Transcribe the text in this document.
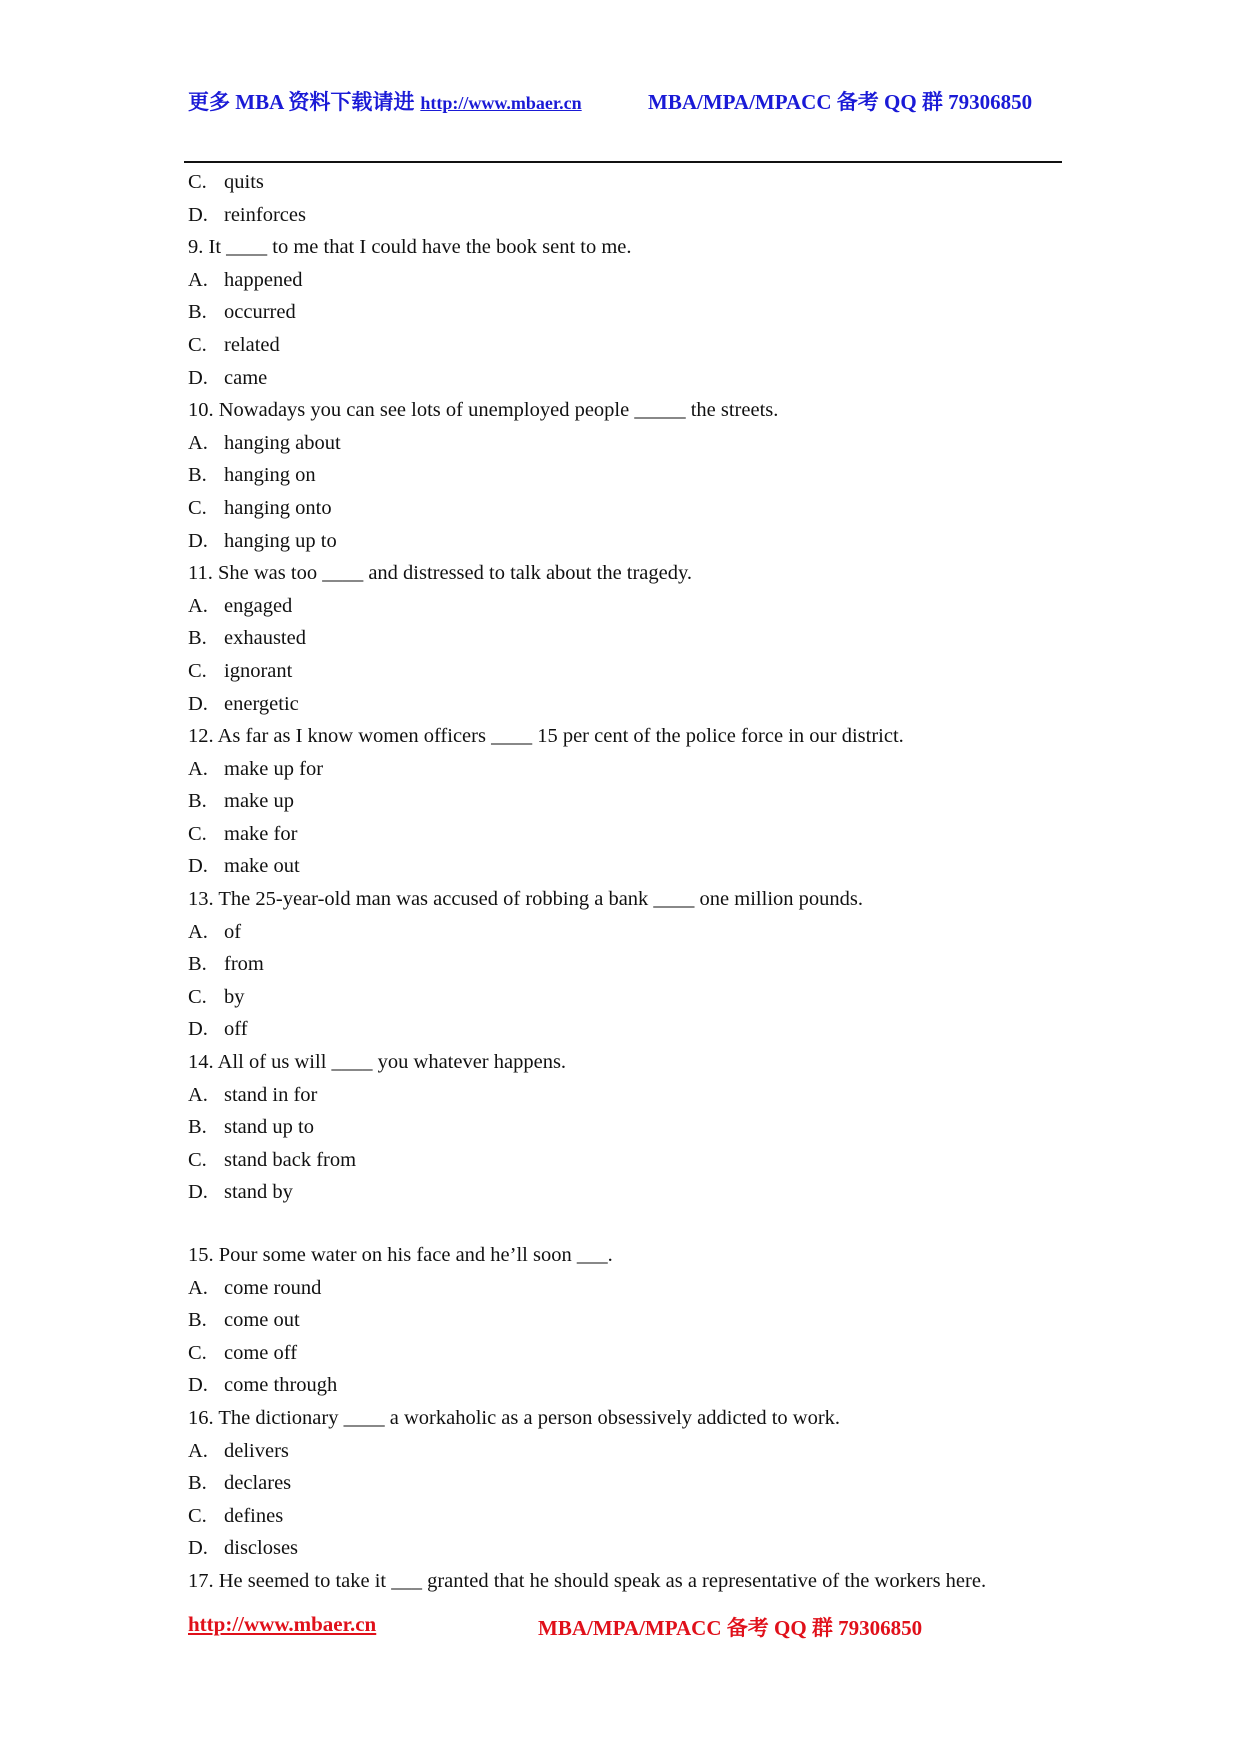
更多 MBA 资料下载请进 http://www.mbaer.cn	MBA/MPA/MPACC 备考 QQ 群 79306850
C. quits
D. reinforces
9. It ____ to me that I could have the book sent to me.
A. happened
B. occurred
C. related
D. came
10. Nowadays you can see lots of unemployed people _____ the streets.
A. hanging about
B. hanging on
C. hanging onto
D. hanging up to
11. She was too ____ and distressed to talk about the tragedy.
A. engaged
B. exhausted
C. ignorant
D. energetic
12. As far as I know women officers ____ 15 per cent of the police force in our district.
A. make up for
B. make up
C. make for
D. make out
13. The 25-year-old man was accused of robbing a bank ____ one million pounds.
A. of
B. from
C. by
D. off
14. All of us will ____ you whatever happens.
A. stand in for
B. stand up to
C. stand back from
D. stand by
15. Pour some water on his face and he’ll soon ___.
A. come round
B. come out
C. come off
D. come through
16. The dictionary ____ a workaholic as a person obsessively addicted to work.
A. delivers
B. declares
C. defines
D. discloses
17. He seemed to take it ___ granted that he should speak as a representative of the workers here.
http://www.mbaer.cn	MBA/MPA/MPACC 备考 QQ 群 79306850
